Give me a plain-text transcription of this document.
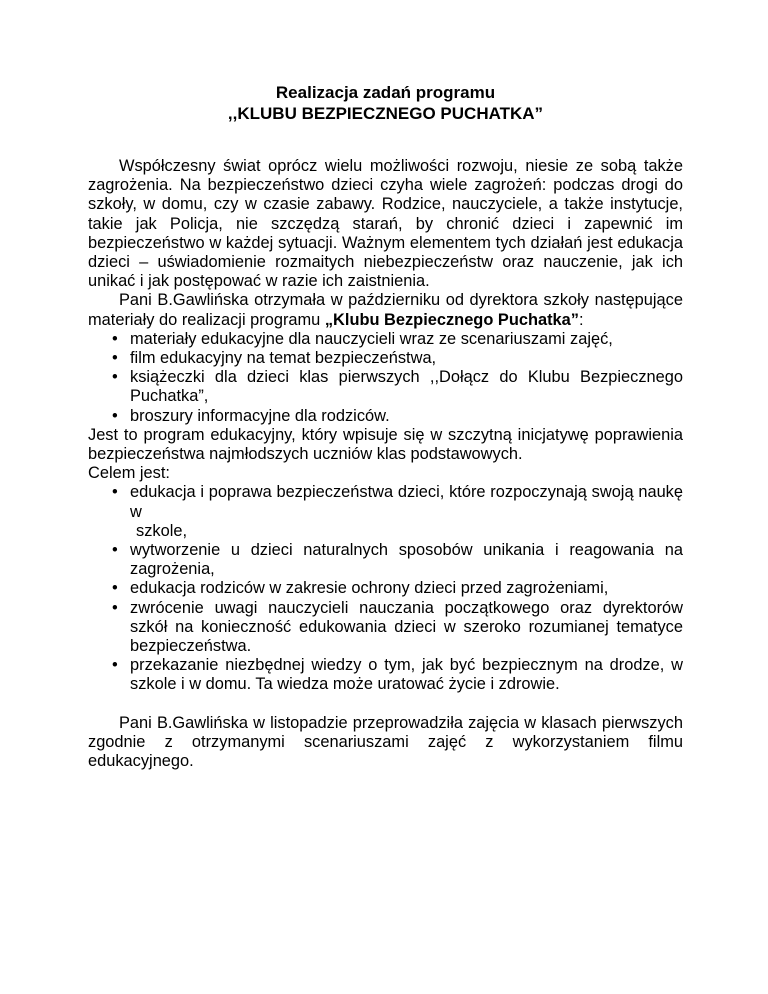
Realizacja zadań programu

,,KLUBU BEZPIECZNEGO PUCHATKA”

Współczesny świat oprócz wielu możliwości rozwoju, niesie ze sobą także zagrożenia. Na bezpieczeństwo dzieci czyha wiele zagrożeń: podczas drogi do szkoły, w domu, czy w czasie zabawy. Rodzice, nauczyciele, a także instytucje, takie jak Policja, nie szczędzą starań, by chronić dzieci i zapewnić im bezpieczeństwo w każdej sytuacji. Ważnym elementem tych działań jest edukacja dzieci – uświadomienie rozmaitych niebezpieczeństw oraz nauczenie, jak ich unikać i jak postępować w razie ich zaistnienia.

Pani B.Gawlińska otrzymała w październiku od dyrektora szkoły następujące materiały do realizacji programu „Klubu Bezpiecznego Puchatka”:

• materiały edukacyjne dla nauczycieli wraz ze scenariuszami zajęć,
• film edukacyjny na temat bezpieczeństwa,
• książeczki dla dzieci klas pierwszych ,,Dołącz do Klubu Bezpiecznego Puchatka”,
• broszury informacyjne dla rodziców.

Jest to program edukacyjny, który wpisuje się w szczytną inicjatywę poprawienia bezpieczeństwa najmłodszych uczniów klas podstawowych.

Celem jest:

• edukacja i poprawa bezpieczeństwa dzieci, które rozpoczynają swoją naukę w
szkole,
• wytworzenie u dzieci naturalnych sposobów unikania i reagowania na zagrożenia,
• edukacja rodziców w zakresie ochrony dzieci przed zagrożeniami,
• zwrócenie uwagi nauczycieli nauczania początkowego oraz dyrektorów szkół na konieczność edukowania dzieci w szeroko rozumianej tematyce bezpieczeństwa.
• przekazanie niezbędnej wiedzy o tym, jak być bezpiecznym na drodze, w szkole i w domu. Ta wiedza może uratować życie i zdrowie.

Pani B.Gawlińska w listopadzie przeprowadziła zajęcia w klasach pierwszych zgodnie z otrzymanymi scenariuszami zajęć z wykorzystaniem filmu edukacyjnego.
